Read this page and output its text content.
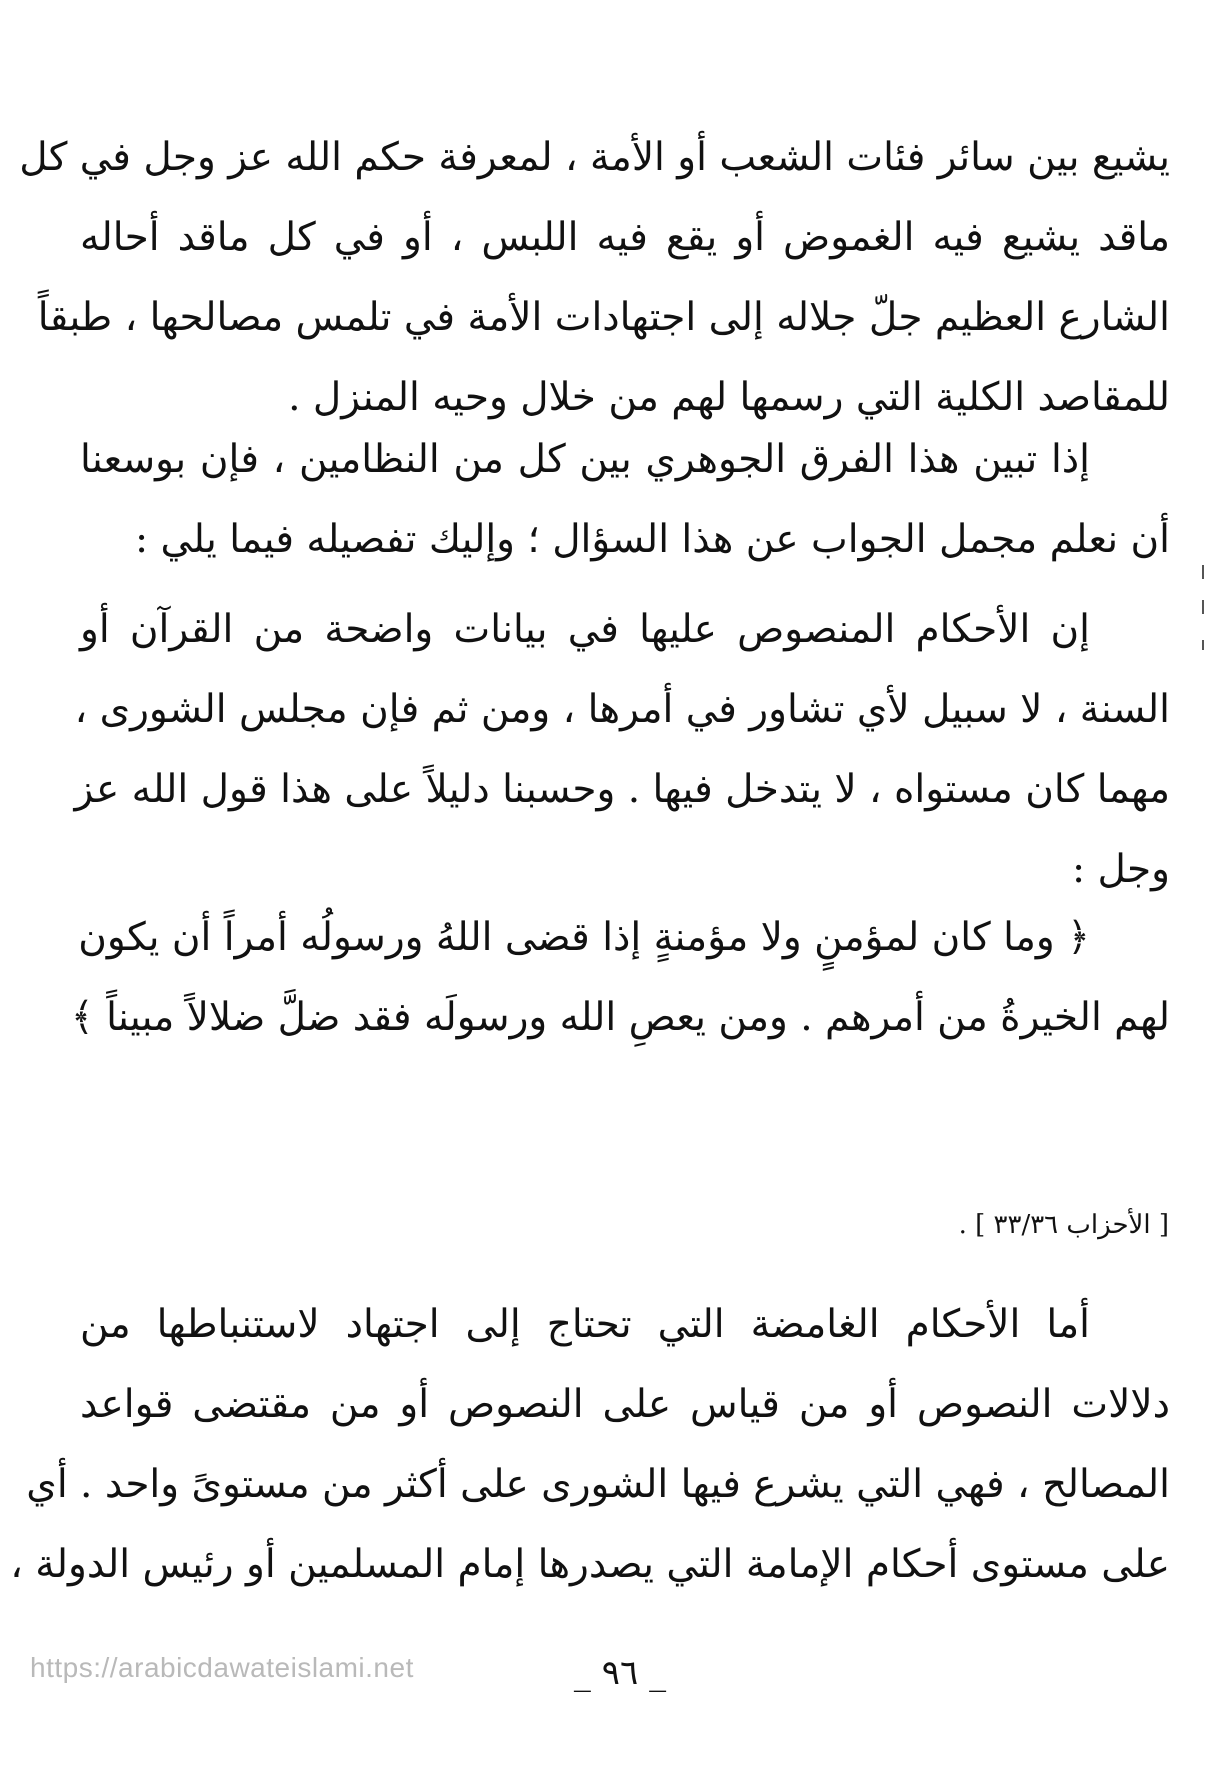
يشيع بين سائر فئات الشعب أو الأمة ، لمعرفة حكم الله عز وجل في كل
ماقد يشيع فيه الغموض أو يقع فيه اللبس ، أو في كل ماقد أحاله
الشارع العظيم جلّ جلاله إلى اجتهادات الأمة في تلمس مصالحها ، طبقاً
للمقاصد الكلية التي رسمها لهم من خلال وحيه المنزل .
إذا تبين هذا الفرق الجوهري بين كل من النظامين ، فإن بوسعنا
أن نعلم مجمل الجواب عن هذا السؤال ؛ وإليك تفصيله فيما يلي :
إن الأحكام المنصوص عليها في بيانات واضحة من القرآن أو
السنة ، لا سبيل لأي تشاور في أمرها ، ومن ثم فإن مجلس الشورى ،
مهما كان مستواه ، لا يتدخل فيها . وحسبنا دليلاً على هذا قول الله عز
وجل :
﴿ وما كان لمؤمنٍ ولا مؤمنةٍ إذا قضى اللهُ ورسولُه أمراً أن يكون
لهم الخيرةُ من أمرهم . ومن يعصِ الله ورسولَه فقد ضلَّ ضلالاً مبيناً ﴾
[ الأحزاب ٣٣/٣٦ ] .
أما الأحكام الغامضة التي تحتاج إلى اجتهاد لاستنباطها من
دلالات النصوص أو من قياس على النصوص أو من مقتضى قواعد
المصالح ، فهي التي يشرع فيها الشورى على أكثر من مستوىً واحد . أي
على مستوى أحكام الإمامة التي يصدرها إمام المسلمين أو رئيس الدولة ،
https://arabicdawateislami.net	_ ٩٦ _
